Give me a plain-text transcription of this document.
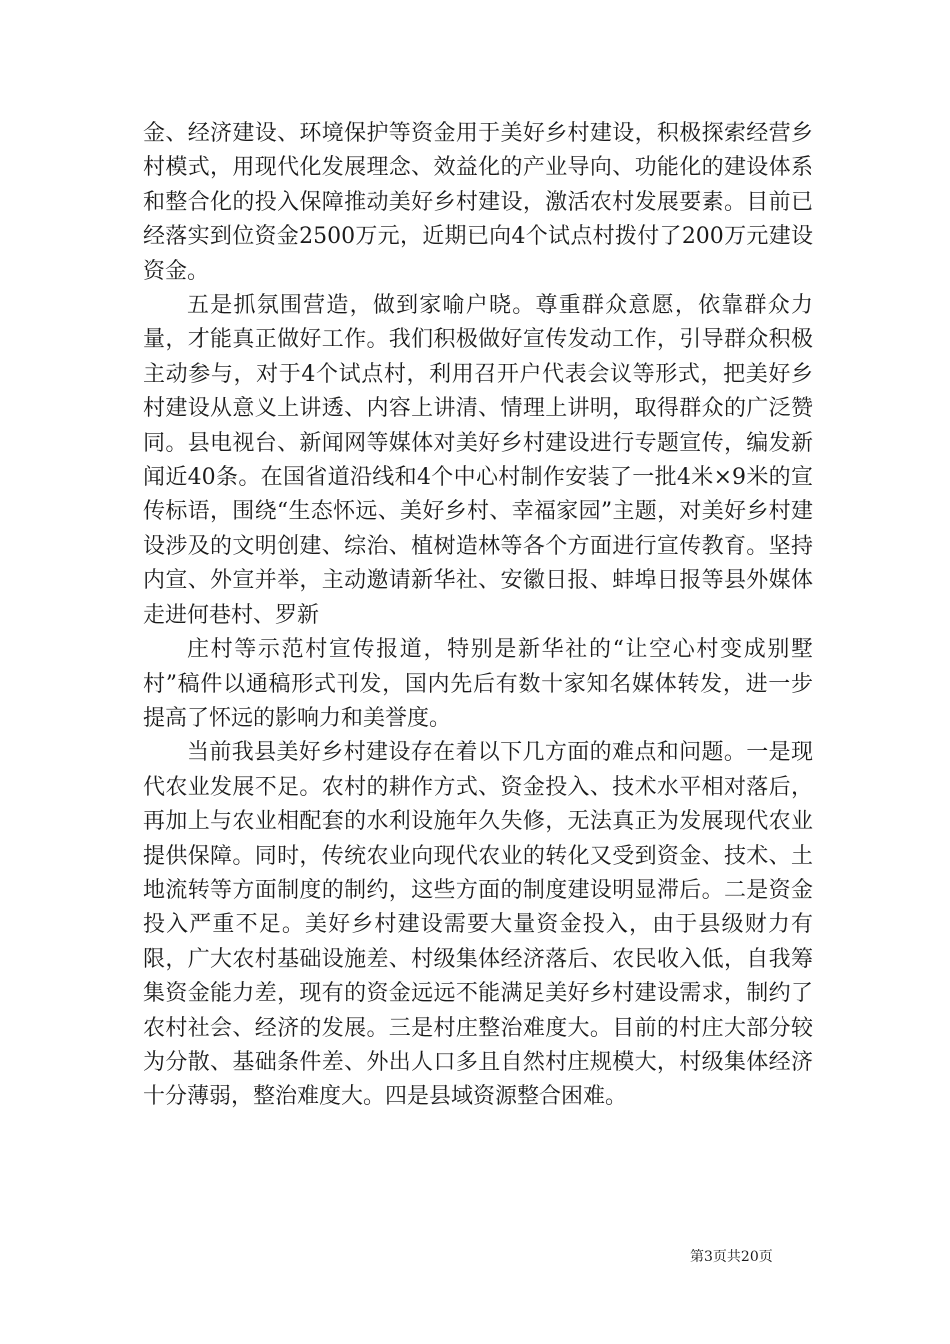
金、经济建设、环境保护等资金用于美好乡村建设，积极探索经营乡村模式，用现代化发展理念、效益化的产业导向、功能化的建设体系和整合化的投入保障推动美好乡村建设，激活农村发展要素。目前已经落实到位资金2500万元，近期已向4个试点村拨付了200万元建设资金。

五是抓氛围营造，做到家喻户晓。尊重群众意愿，依靠群众力量，才能真正做好工作。我们积极做好宣传发动工作，引导群众积极主动参与，对于4个试点村，利用召开户代表会议等形式，把美好乡村建设从意义上讲透、内容上讲清、情理上讲明，取得群众的广泛赞同。县电视台、新闻网等媒体对美好乡村建设进行专题宣传，编发新闻近40条。在国省道沿线和4个中心村制作安装了一批4米×9米的宣传标语，围绕“生态怀远、美好乡村、幸福家园”主题，对美好乡村建设涉及的文明创建、综治、植树造林等各个方面进行宣传教育。坚持内宣、外宣并举，主动邀请新华社、安徽日报、蚌埠日报等县外媒体走进何巷村、罗新

庄村等示范村宣传报道，特别是新华社的“让空心村变成别墅村”稿件以通稿形式刊发，国内先后有数十家知名媒体转发，进一步提高了怀远的影响力和美誉度。

当前我县美好乡村建设存在着以下几方面的难点和问题。一是现代农业发展不足。农村的耕作方式、资金投入、技术水平相对落后，再加上与农业相配套的水利设施年久失修，无法真正为发展现代农业提供保障。同时，传统农业向现代农业的转化又受到资金、技术、土地流转等方面制度的制约，这些方面的制度建设明显滞后。二是资金投入严重不足。美好乡村建设需要大量资金投入，由于县级财力有限，广大农村基础设施差、村级集体经济落后、农民收入低，自我筹集资金能力差，现有的资金远远不能满足美好乡村建设需求，制约了农村社会、经济的发展。三是村庄整治难度大。目前的村庄大部分较为分散、基础条件差、外出人口多且自然村庄规模大，村级集体经济十分薄弱，整治难度大。四是县域资源整合困难。

第3页共20页
